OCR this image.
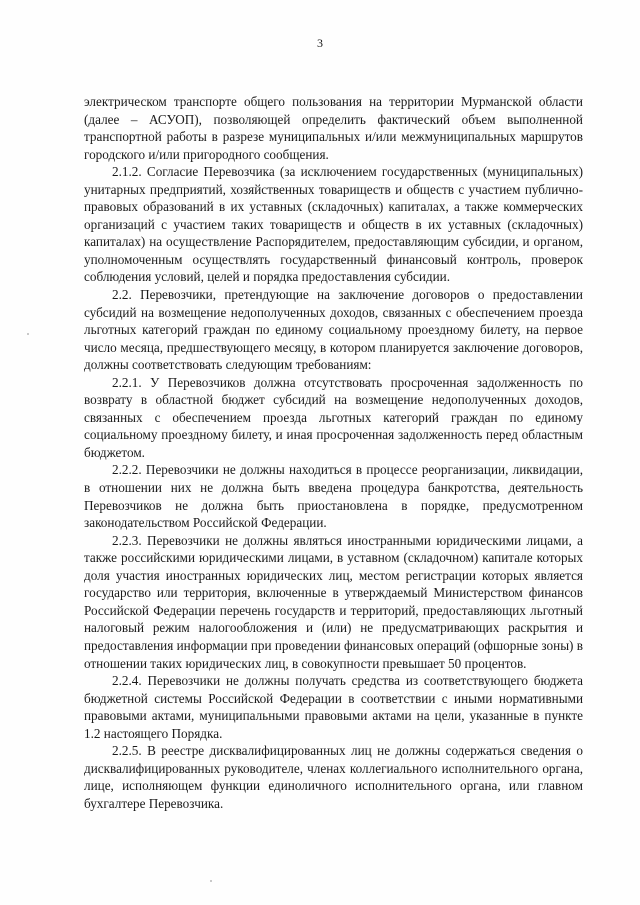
3

электрическом транспорте общего пользования на территории Мурманской области (далее – АСУОП), позволяющей определить фактический объем выполненной транспортной работы в разрезе муниципальных и/или межмуниципальных маршрутов городского и/или пригородного сообщения.

2.1.2. Согласие Перевозчика (за исключением государственных (муниципальных) унитарных предприятий, хозяйственных товариществ и обществ с участием публично-правовых образований в их уставных (складочных) капиталах, а также коммерческих организаций с участием таких товариществ и обществ в их уставных (складочных) капиталах) на осуществление Распорядителем, предоставляющим субсидии, и органом, уполномоченным осуществлять государственный финансовый контроль, проверок соблюдения условий, целей и порядка предоставления субсидии.

2.2. Перевозчики, претендующие на заключение договоров о предоставлении субсидий на возмещение недополученных доходов, связанных с обеспечением проезда льготных категорий граждан по единому социальному проездному билету, на первое число месяца, предшествующего месяцу, в котором планируется заключение договоров, должны соответствовать следующим требованиям:

2.2.1. У Перевозчиков должна отсутствовать просроченная задолженность по возврату в областной бюджет субсидий на возмещение недополученных доходов, связанных с обеспечением проезда льготных категорий граждан по единому социальному проездному билету, и иная просроченная задолженность перед областным бюджетом.

2.2.2. Перевозчики не должны находиться в процессе реорганизации, ликвидации, в отношении них не должна быть введена процедура банкротства, деятельность Перевозчиков не должна быть приостановлена в порядке, предусмотренном законодательством Российской Федерации.

2.2.3. Перевозчики не должны являться иностранными юридическими лицами, а также российскими юридическими лицами, в уставном (складочном) капитале которых доля участия иностранных юридических лиц, местом регистрации которых является государство или территория, включенные в утверждаемый Министерством финансов Российской Федерации перечень государств и территорий, предоставляющих льготный налоговый режим налогообложения и (или) не предусматривающих раскрытия и предоставления информации при проведении финансовых операций (офшорные зоны) в отношении таких юридических лиц, в совокупности превышает 50 процентов.

2.2.4. Перевозчики не должны получать средства из соответствующего бюджета бюджетной системы Российской Федерации в соответствии с иными нормативными правовыми актами, муниципальными правовыми актами на цели, указанные в пункте 1.2 настоящего Порядка.

2.2.5. В реестре дисквалифицированных лиц не должны содержаться сведения о дисквалифицированных руководителе, членах коллегиального исполнительного органа, лице, исполняющем функции единоличного исполнительного органа, или главном бухгалтере Перевозчика.
